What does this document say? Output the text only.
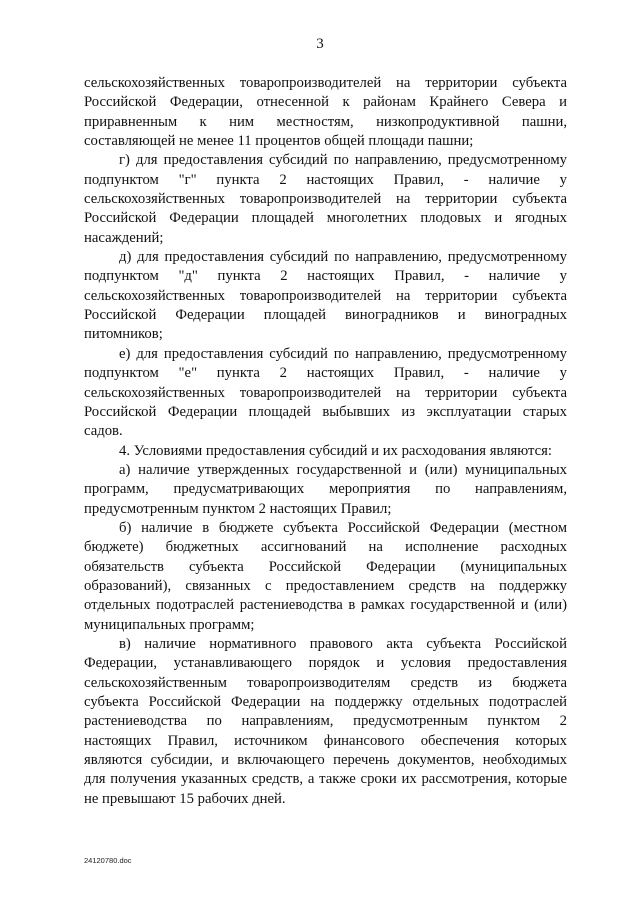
3
сельскохозяйственных товаропроизводителей на территории субъекта
Российской Федерации, отнесенной к районам Крайнего Севера и
приравненным к ним местностям, низкопродуктивной пашни,
составляющей не менее 11 процентов общей площади пашни;
г) для предоставления субсидий по направлению, предусмотренному
подпунктом "г" пункта 2 настоящих Правил, - наличие у
сельскохозяйственных товаропроизводителей на территории субъекта
Российской Федерации площадей многолетних плодовых и ягодных
насаждений;
д) для предоставления субсидий по направлению, предусмотренному
подпунктом "д" пункта 2 настоящих Правил, - наличие у
сельскохозяйственных товаропроизводителей на территории субъекта
Российской Федерации площадей виноградников и виноградных
питомников;
е) для предоставления субсидий по направлению, предусмотренному
подпунктом "е" пункта 2 настоящих Правил, - наличие у
сельскохозяйственных товаропроизводителей на территории субъекта
Российской Федерации площадей выбывших из эксплуатации старых
садов.
4. Условиями предоставления субсидий и их расходования являются:
а) наличие утвержденных государственной и (или) муниципальных
программ, предусматривающих мероприятия по направлениям,
предусмотренным пунктом 2 настоящих Правил;
б) наличие в бюджете субъекта Российской Федерации (местном
бюджете) бюджетных ассигнований на исполнение расходных
обязательств субъекта Российской Федерации (муниципальных
образований), связанных с предоставлением средств на поддержку
отдельных подотраслей растениеводства в рамках государственной и (или)
муниципальных программ;
в) наличие нормативного правового акта субъекта Российской
Федерации, устанавливающего порядок и условия предоставления
сельскохозяйственным товаропроизводителям средств из бюджета
субъекта Российской Федерации на поддержку отдельных подотраслей
растениеводства по направлениям, предусмотренным пунктом 2
настоящих Правил, источником финансового обеспечения которых
являются субсидии, и включающего перечень документов, необходимых
для получения указанных средств, а также сроки их рассмотрения, которые
не превышают 15 рабочих дней.
24120780.doc
